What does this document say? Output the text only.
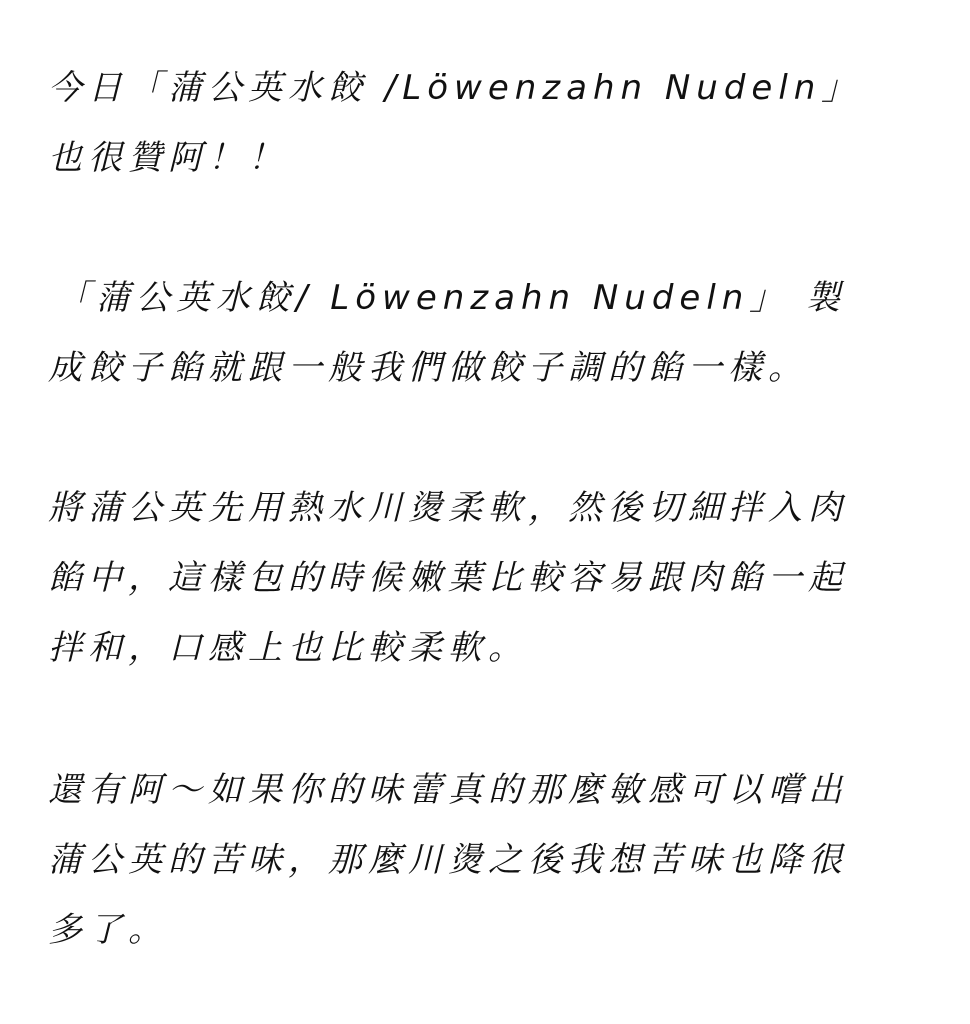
今日「蒲公英水餃 /Löwenzahn Nudeln」
也很贊阿！！
「蒲公英水餃/ Löwenzahn Nudeln」 製
成餃子餡就跟一般我們做餃子調的餡一樣。
將蒲公英先用熱水川燙柔軟，然後切細拌入肉
餡中，這樣包的時候嫩葉比較容易跟肉餡一起
拌和，口感上也比較柔軟。
還有阿～如果你的味蕾真的那麼敏感可以嚐出
蒲公英的苦味，那麼川燙之後我想苦味也降很
多了。
